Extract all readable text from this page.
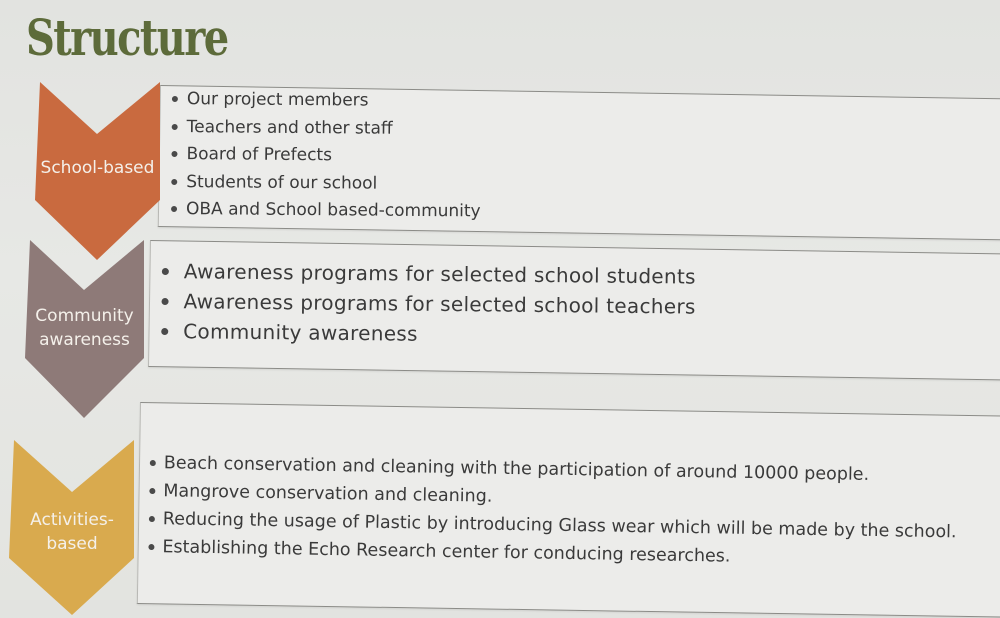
Structure
School-based
Community
awareness
Activities-
based
Our project members
Teachers and other staff
Board of Prefects
Students of our school
OBA and School based-community
Awareness programs for selected school students
Awareness programs for selected school teachers
Community awareness
Beach conservation and cleaning with the participation of around 10000 people.
Mangrove conservation and cleaning.
Reducing the usage of Plastic by introducing Glass wear which will be made by the school.
Establishing the Echo Research center for conducing researches.
